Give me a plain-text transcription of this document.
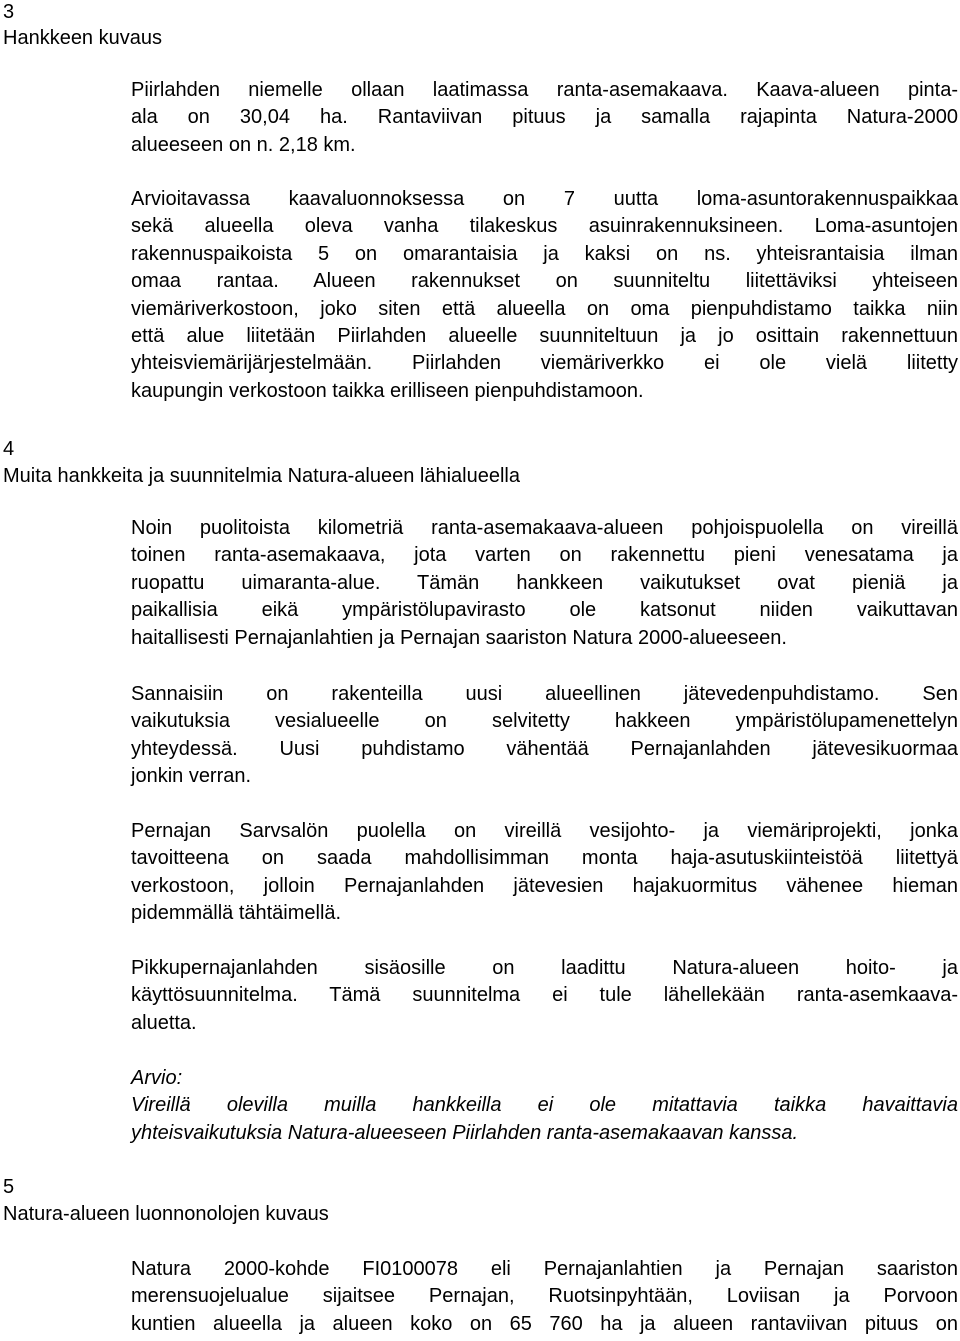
3
Hankkeen kuvaus
Piirlahden niemelle ollaan laatimassa ranta-asemakaava. Kaava-alueen pinta-
ala on 30,04 ha. Rantaviivan pituus ja samalla rajapinta Natura-2000
alueeseen on n. 2,18 km.
Arvioitavassa kaavaluonnoksessa on 7 uutta loma-asuntorakennuspaikkaa
sekä alueella oleva vanha tilakeskus asuinrakennuksineen. Loma-asuntojen
rakennuspaikoista 5 on omarantaisia ja kaksi on ns. yhteisrantaisia ilman
omaa rantaa. Alueen rakennukset on suunniteltu liitettäviksi yhteiseen
viemäriverkostoon, joko siten että alueella on oma pienpuhdistamo taikka niin
että alue liitetään Piirlahden alueelle suunniteltuun ja jo osittain rakennettuun
yhteisviemärijärjestelmään. Piirlahden viemäriverkko ei ole vielä liitetty
kaupungin verkostoon taikka erilliseen pienpuhdistamoon.
4
Muita hankkeita ja suunnitelmia Natura-alueen lähialueella
Noin puolitoista kilometriä ranta-asemakaava-alueen pohjoispuolella on vireillä
toinen ranta-asemakaava, jota varten on rakennettu pieni venesatama ja
ruopattu uimaranta-alue. Tämän hankkeen vaikutukset ovat pieniä ja
paikallisia eikä ympäristölupavirasto ole katsonut niiden vaikuttavan
haitallisesti Pernajanlahtien ja Pernajan saariston Natura 2000-alueeseen.
Sannaisiin on rakenteilla uusi alueellinen jätevedenpuhdistamo. Sen
vaikutuksia vesialueelle on selvitetty hakkeen ympäristölupamenettelyn
yhteydessä. Uusi puhdistamo vähentää Pernajanlahden jätevesikuormaa
jonkin verran.
Pernajan Sarvsalön puolella on vireillä vesijohto- ja viemäriprojekti, jonka
tavoitteena on saada mahdollisimman monta haja-asutuskiinteistöä liitettyä
verkostoon, jolloin Pernajanlahden jätevesien hajakuormitus vähenee hieman
pidemmällä tähtäimellä.
Pikkupernajanlahden sisäosille on laadittu Natura-alueen hoito- ja
käyttösuunnitelma. Tämä suunnitelma ei tule lähellekään ranta-asemkaava-
aluetta.
Arvio:
Vireillä olevilla muilla hankkeilla ei ole mitattavia taikka havaittavia
yhteisvaikutuksia Natura-alueeseen Piirlahden ranta-asemakaavan kanssa.
5
Natura-alueen luonnonolojen kuvaus
Natura 2000-kohde FI0100078 eli Pernajanlahtien ja Pernajan saariston
merensuojelualue sijaitsee Pernajan, Ruotsinpyhtään, Loviisan ja Porvoon
kuntien alueella ja alueen koko on 65 760 ha ja alueen rantaviivan pituus on
